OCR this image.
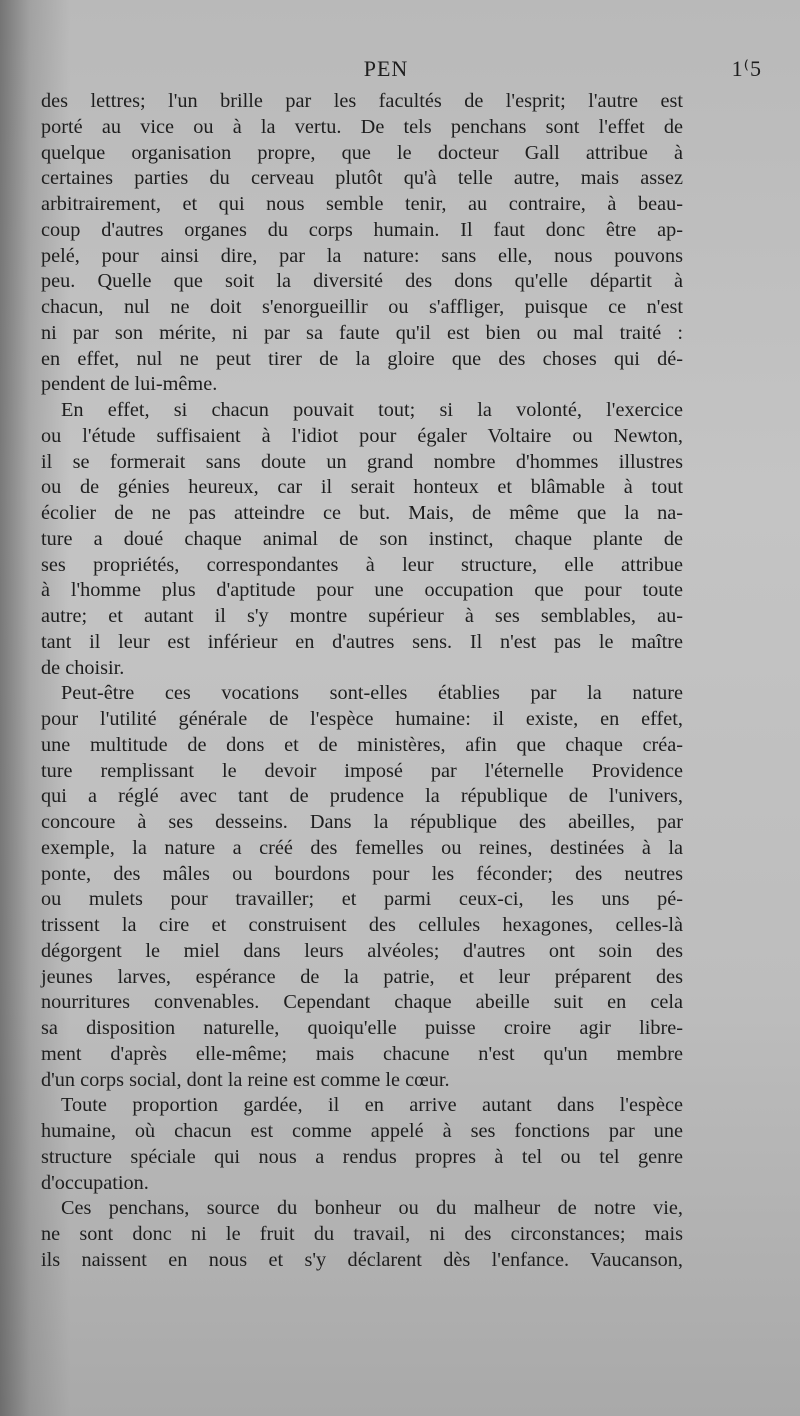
PEN	1⁽5
des lettres; l'un brille par les facultés de l'esprit; l'autre est
porté au vice ou à la vertu. De tels penchans sont l'effet de
quelque organisation propre, que le docteur Gall attribue à
certaines parties du cerveau plutôt qu'à telle autre, mais assez
arbitrairement, et qui nous semble tenir, au contraire, à beau-
coup d'autres organes du corps humain. Il faut donc être ap-
pelé, pour ainsi dire, par la nature: sans elle, nous pouvons
peu. Quelle que soit la diversité des dons qu'elle départit à
chacun, nul ne doit s'enorgueillir ou s'affliger, puisque ce n'est
ni par son mérite, ni par sa faute qu'il est bien ou mal traité :
en effet, nul ne peut tirer de la gloire que des choses qui dé-
pendent de lui-même.
En effet, si chacun pouvait tout; si la volonté, l'exercice
ou l'étude suffisaient à l'idiot pour égaler Voltaire ou Newton,
il se formerait sans doute un grand nombre d'hommes illustres
ou de génies heureux, car il serait honteux et blâmable à tout
écolier de ne pas atteindre ce but. Mais, de même que la na-
ture a doué chaque animal de son instinct, chaque plante de
ses propriétés, correspondantes à leur structure, elle attribue
à l'homme plus d'aptitude pour une occupation que pour toute
autre; et autant il s'y montre supérieur à ses semblables, au-
tant il leur est inférieur en d'autres sens. Il n'est pas le maître
de choisir.
Peut-être ces vocations sont-elles établies par la nature
pour l'utilité générale de l'espèce humaine: il existe, en effet,
une multitude de dons et de ministères, afin que chaque créa-
ture remplissant le devoir imposé par l'éternelle Providence
qui a réglé avec tant de prudence la république de l'univers,
concoure à ses desseins. Dans la république des abeilles, par
exemple, la nature a créé des femelles ou reines, destinées à la
ponte, des mâles ou bourdons pour les féconder; des neutres
ou mulets pour travailler; et parmi ceux-ci, les uns pé-
trissent la cire et construisent des cellules hexagones, celles-là
dégorgent le miel dans leurs alvéoles; d'autres ont soin des
jeunes larves, espérance de la patrie, et leur préparent des
nourritures convenables. Cependant chaque abeille suit en cela
sa disposition naturelle, quoiqu'elle puisse croire agir libre-
ment d'après elle-même; mais chacune n'est qu'un membre
d'un corps social, dont la reine est comme le cœur.
Toute proportion gardée, il en arrive autant dans l'espèce
humaine, où chacun est comme appelé à ses fonctions par une
structure spéciale qui nous a rendus propres à tel ou tel genre
d'occupation.
Ces penchans, source du bonheur ou du malheur de notre vie,
ne sont donc ni le fruit du travail, ni des circonstances; mais
ils naissent en nous et s'y déclarent dès l'enfance. Vaucanson,
